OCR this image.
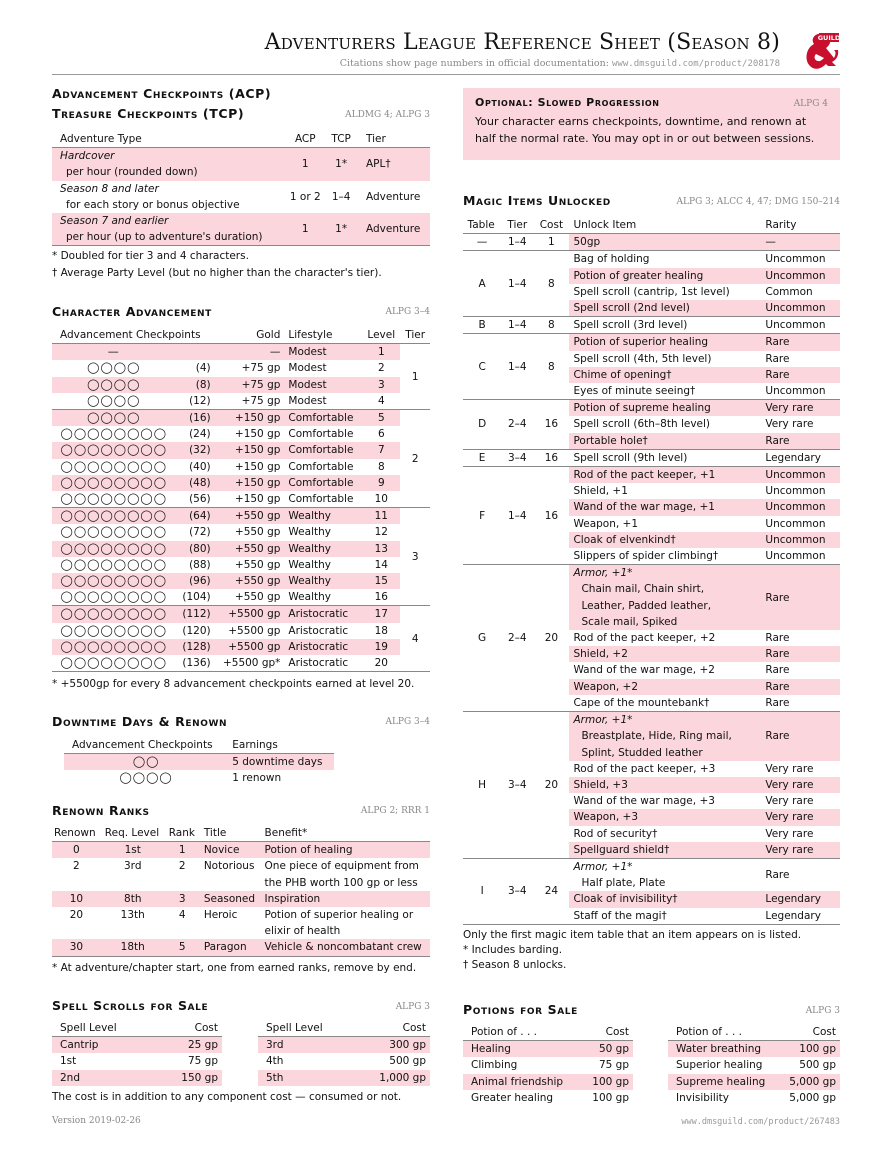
Adventurers League Reference Sheet (Season 8)
Citations show page numbers in official documentation: www.dmsguild.com/product/208178
GUILD
Advancement Checkpoints (ACP)
Treasure Checkpoints (TCP)	ALDMG 4; ALPG 3
Adventure Type	ACP	TCP	Tier

Hardcover
per hour (rounded down)	1	1*	APL†

Season 8 and later
for each story or bonus objective	1 or 2	1–4	Adventure

Season 7 and earlier
per hour (up to adventure's duration)	1	1*	Adventure
* Doubled for tier 3 and 4 characters.
† Average Party Level (but no higher than the character's tier).
Character Advancement	ALPG 3–4
Advancement Checkpoints		Gold	Lifestyle	Level	Tier
—		—	Modest	1	1
◯◯◯◯	(4)	+75 gp	Modest	2	
◯◯◯◯	(8)	+75 gp	Modest	3	
◯◯◯◯	(12)	+75 gp	Modest	4	
◯◯◯◯	(16)	+150 gp	Comfortable	5	2
◯◯◯◯◯◯◯◯	(24)	+150 gp	Comfortable	6	
◯◯◯◯◯◯◯◯	(32)	+150 gp	Comfortable	7	
◯◯◯◯◯◯◯◯	(40)	+150 gp	Comfortable	8	
◯◯◯◯◯◯◯◯	(48)	+150 gp	Comfortable	9	
◯◯◯◯◯◯◯◯	(56)	+150 gp	Comfortable	10	
◯◯◯◯◯◯◯◯	(64)	+550 gp	Wealthy	11	3
◯◯◯◯◯◯◯◯	(72)	+550 gp	Wealthy	12	
◯◯◯◯◯◯◯◯	(80)	+550 gp	Wealthy	13	
◯◯◯◯◯◯◯◯	(88)	+550 gp	Wealthy	14	
◯◯◯◯◯◯◯◯	(96)	+550 gp	Wealthy	15	
◯◯◯◯◯◯◯◯	(104)	+550 gp	Wealthy	16	
◯◯◯◯◯◯◯◯	(112)	+5500 gp	Aristocratic	17	4
◯◯◯◯◯◯◯◯	(120)	+5500 gp	Aristocratic	18	
◯◯◯◯◯◯◯◯	(128)	+5500 gp	Aristocratic	19	
◯◯◯◯◯◯◯◯	(136)	+5500 gp*	Aristocratic	20	
* +5500gp for every 8 advancement checkpoints earned at level 20.
Downtime Days & Renown	ALPG 3–4
Advancement Checkpoints	Earnings
◯◯	5 downtime days
◯◯◯◯	1 renown
Renown Ranks	ALPG 2; RRR 1
Renown	Req. Level	Rank	Title	Benefit*
0	1st	1	Novice	Potion of healing
2	3rd	2	Notorious	One piece of equipment from
the PHB worth 100 gp or less

10	8th	3	Seasoned	Inspiration
20	13th	4	Heroic	Potion of superior healing or
elixir of health

30	18th	5	Paragon	Vehicle & noncombatant crew
* At adventure/chapter start, one from earned ranks, remove by end.
Spell Scrolls for Sale	ALPG 3
Spell Level	Cost
Cantrip	25 gp
1st	75 gp
2nd	150 gp
Spell Level	Cost
3rd	300 gp
4th	500 gp
5th	1,000 gp
The cost is in addition to any component cost — consumed or not.
Optional: Slowed Progression	ALPG 4
Your character earns checkpoints, downtime, and renown at half the normal rate. You may opt in or out between sessions.
Magic Items Unlocked	ALPG 3; ALCC 4, 47; DMG 150–214
Table	Tier	Cost	Unlock Item	Rarity
—	1–4	1	50gp	—
A	1–4	8	Bag of holding	Uncommon
			Potion of greater healing	Uncommon
			Spell scroll (cantrip, 1st level)	Common
			Spell scroll (2nd level)	Uncommon
B	1–4	8	Spell scroll (3rd level)	Uncommon
C	1–4	8	Potion of superior healing	Rare
			Spell scroll (4th, 5th level)	Rare
			Chime of opening†	Rare
			Eyes of minute seeing†	Uncommon
D	2–4	16	Potion of supreme healing	Very rare
			Spell scroll (6th–8th level)	Very rare
			Portable hole†	Rare
E	3–4	16	Spell scroll (9th level)	Legendary
F	1–4	16	Rod of the pact keeper, +1	Uncommon
			Shield, +1	Uncommon
			Wand of the war mage, +1	Uncommon
			Weapon, +1	Uncommon
			Cloak of elvenkind†	Uncommon
			Slippers of spider climbing†	Uncommon
G	2–4	20	Armor, +1*
Chain mail, Chain shirt,
Leather, Padded leather,
Scale mail, Spiked	Rare
			Rod of the pact keeper, +2	Rare
			Shield, +2	Rare
			Wand of the war mage, +2	Rare
			Weapon, +2	Rare
			Cape of the mountebank†	Rare
H	3–4	20	Armor, +1*
Breastplate, Hide, Ring mail,
Splint, Studded leather	Rare
			Rod of the pact keeper, +3	Very rare
			Shield, +3	Very rare
			Wand of the war mage, +3	Very rare
			Weapon, +3	Very rare
			Rod of security†	Very rare
			Spellguard shield†	Very rare
I	3–4	24	Armor, +1*
Half plate, Plate	Rare
			Cloak of invisibility†	Legendary
			Staff of the magi†	Legendary
Only the first magic item table that an item appears on is listed.
* Includes barding.
† Season 8 unlocks.
Potions for Sale	ALPG 3
Potion of . . .	Cost
Healing	50 gp
Climbing	75 gp
Animal friendship	100 gp
Greater healing	100 gp
Potion of . . .	Cost
Water breathing	100 gp
Superior healing	500 gp
Supreme healing	5,000 gp
Invisibility	5,000 gp
Version 2019-02-26	www.dmsguild.com/product/267483
